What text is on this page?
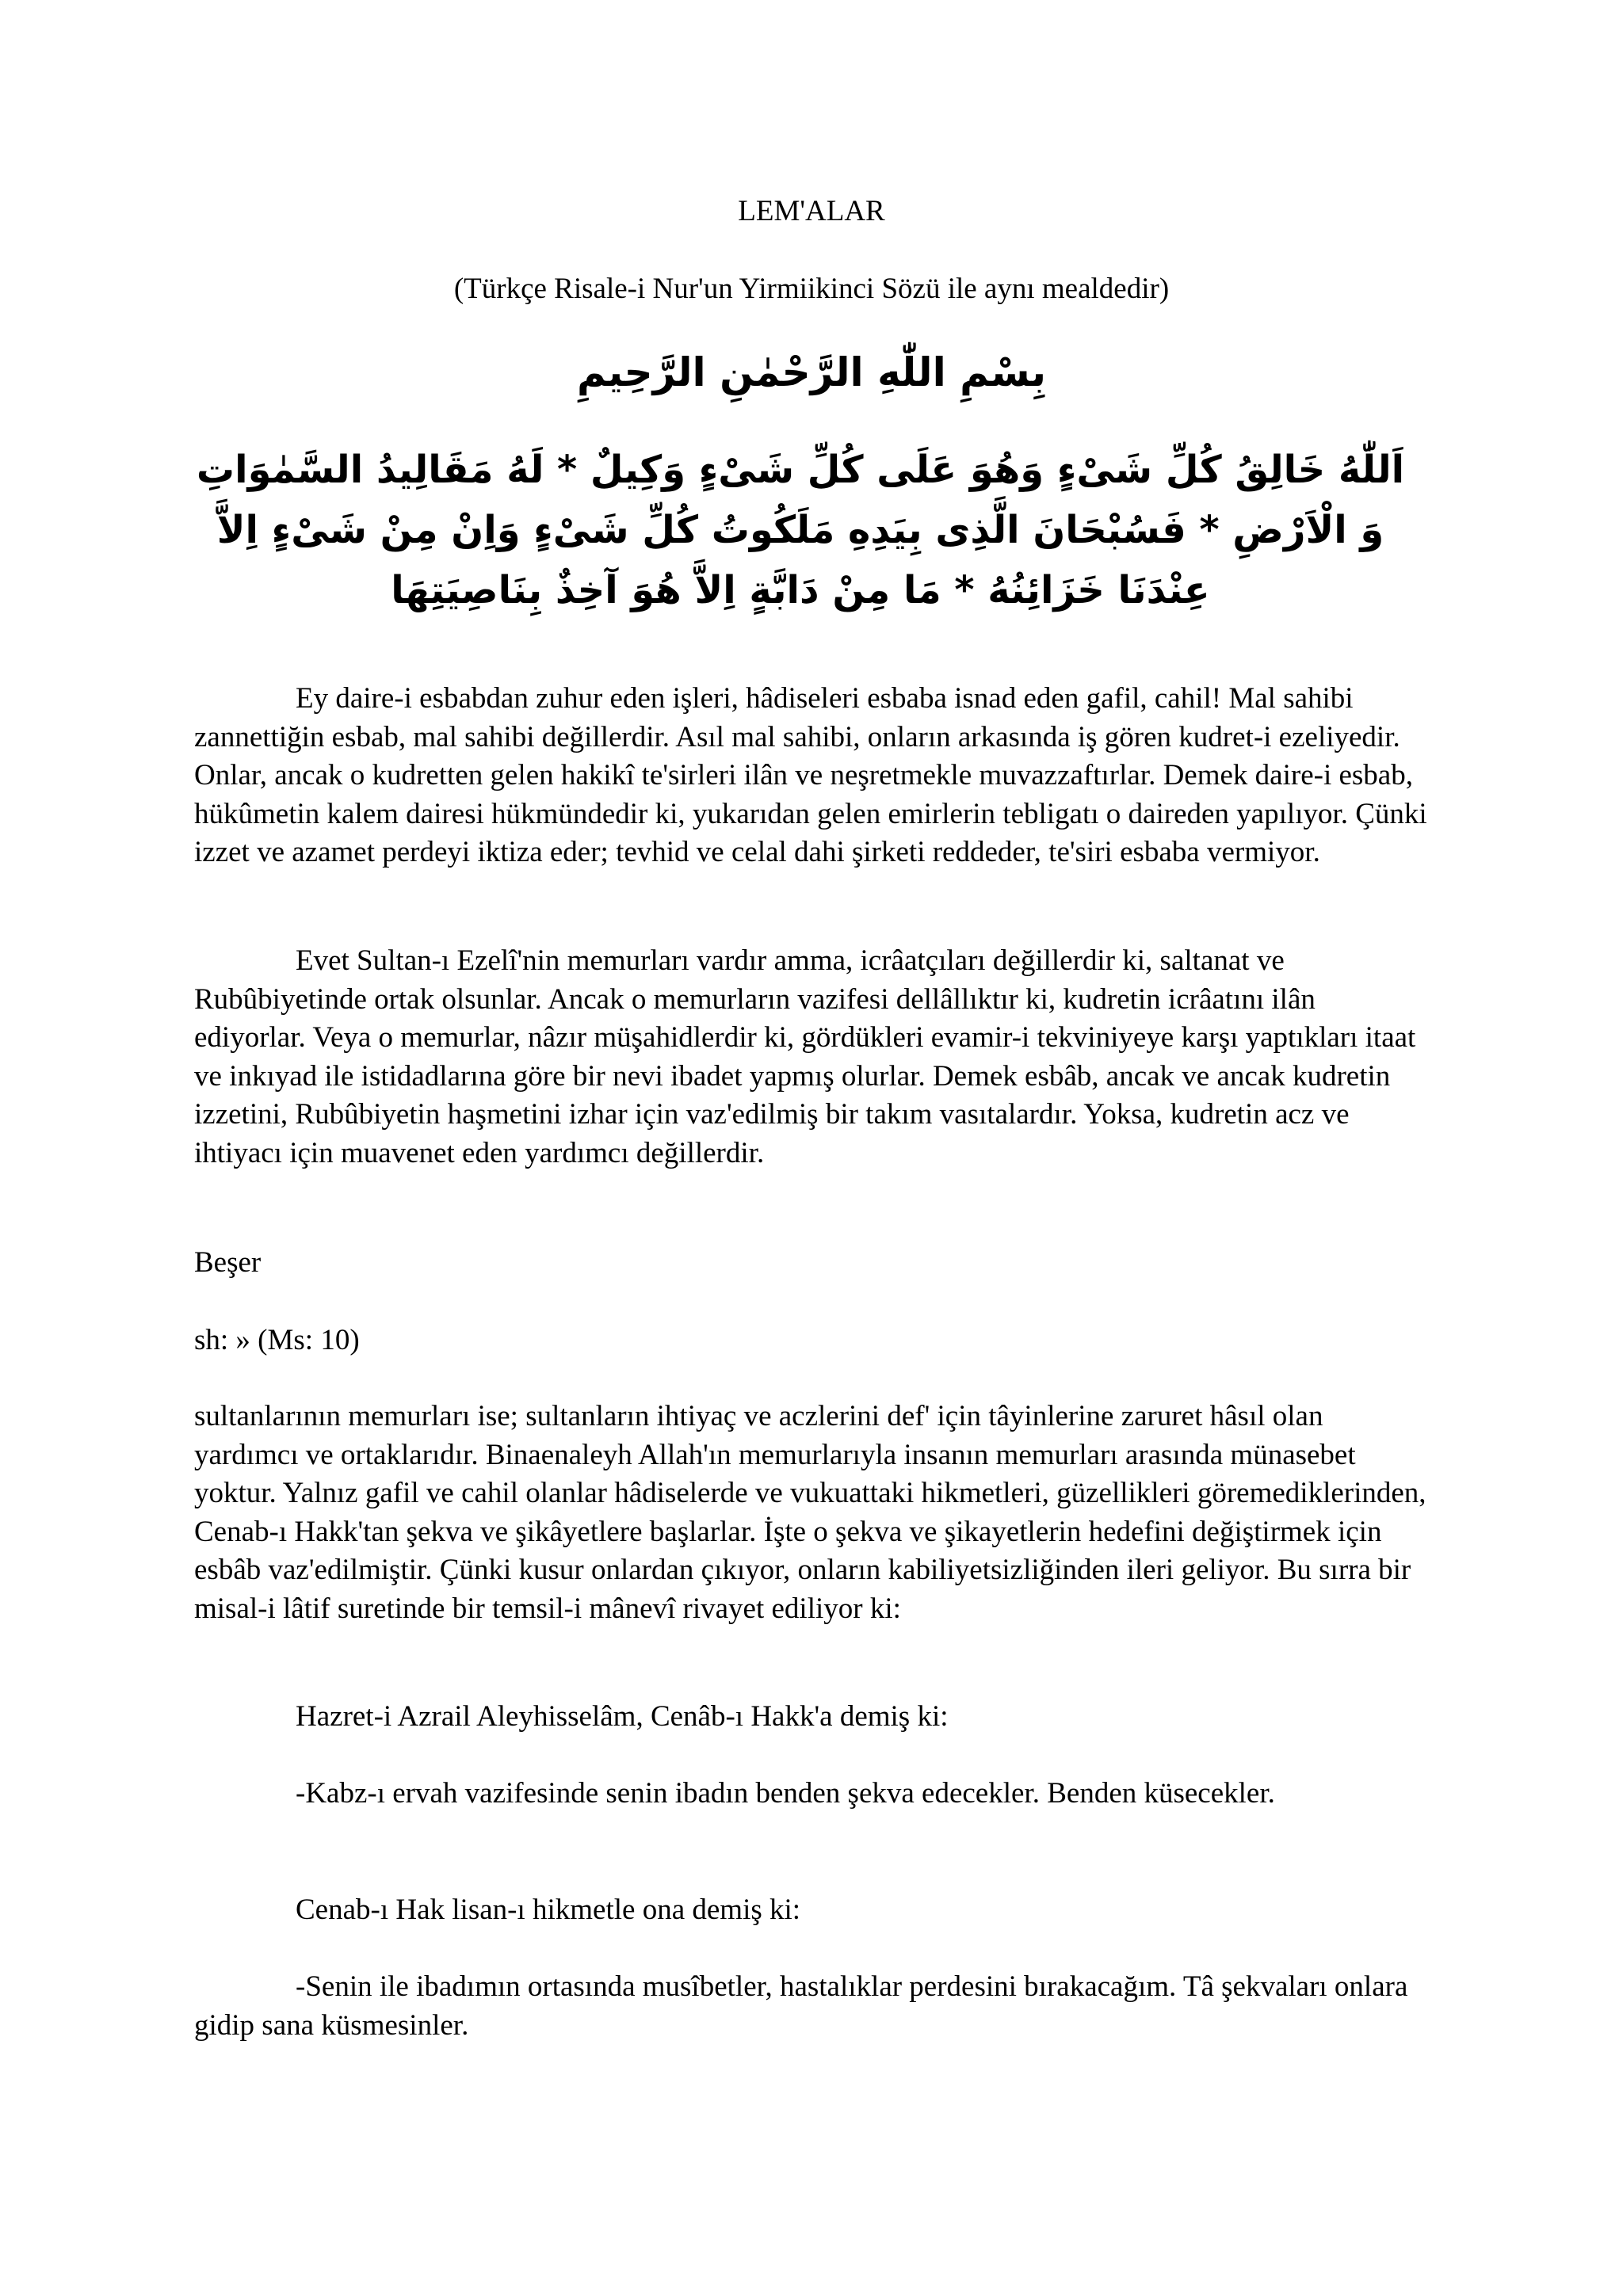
LEM'ALAR
(Türkçe Risale-i Nur'un Yirmiikinci Sözü ile aynı mealdedir)
بِسْمِ اللّٰهِ الرَّحْمٰنِ الرَّحِيمِ
اَللّٰهُ خَالِقُ كُلِّ شَىْءٍ وَهُوَ عَلَى كُلِّ شَىْءٍ وَكِيلٌ * لَهُ مَقَالِيدُ السَّمٰوَاتِ وَ الْاَرْضِ * فَسُبْحَانَ الَّذِى بِيَدِهِ مَلَكُوتُ كُلِّ شَىْءٍ وَاِنْ مِنْ شَىْءٍ اِلاَّ عِنْدَنَا خَزَائِنُهُ * مَا مِنْ دَابَّةٍ اِلاَّ هُوَ آخِذٌ بِنَاصِيَتِهَا

Ey daire-i esbabdan zuhur eden işleri, hâdiseleri esbaba isnad eden gafil, cahil! Mal sahibi zannettiğin esbab, mal sahibi değillerdir. Asıl mal sahibi, onların arkasında iş gören kudret-i ezeliyedir. Onlar, ancak o kudretten gelen hakikî te'sirleri ilân ve neşretmekle muvazzaftırlar. Demek daire-i esbab, hükûmetin kalem dairesi hükmündedir ki, yukarıdan gelen emirlerin tebligatı o daireden yapılıyor. Çünki izzet ve azamet perdeyi iktiza eder; tevhid ve celal dahi şirketi reddeder, te'siri esbaba vermiyor.

Evet Sultan-ı Ezelî'nin memurları vardır amma, icrâatçıları değillerdir ki, saltanat ve Rubûbiyetinde ortak olsunlar. Ancak o memurların vazifesi dellâllıktır ki, kudretin icrâatını ilân ediyorlar. Veya o memurlar, nâzır müşahidlerdir ki, gördükleri evamir-i tekviniyeye karşı yaptıkları itaat ve inkıyad ile istidadlarına göre bir nevi ibadet yapmış olurlar. Demek esbâb, ancak ve ancak kudretin izzetini, Rubûbiyetin haşmetini izhar için vaz'edilmiş bir takım vasıtalardır. Yoksa, kudretin acz ve ihtiyacı için muavenet eden yardımcı değillerdir.

Beşer

sh: » (Ms: 10)

sultanlarının memurları ise; sultanların ihtiyaç ve aczlerini def' için tâyinlerine zaruret hâsıl olan yardımcı ve ortaklarıdır. Binaenaleyh Allah'ın memurlarıyla insanın memurları arasında münasebet yoktur. Yalnız gafil ve cahil olanlar hâdiselerde ve vukuattaki hikmetleri, güzellikleri göremediklerinden, Cenab-ı Hakk'tan şekva ve şikâyetlere başlarlar. İşte o şekva ve şikayetlerin hedefini değiştirmek için esbâb vaz'edilmiştir. Çünki kusur onlardan çıkıyor, onların kabiliyetsizliğinden ileri geliyor. Bu sırra bir misal-i lâtif suretinde bir temsil-i mânevî rivayet ediliyor ki:

Hazret-i Azrail Aleyhisselâm, Cenâb-ı Hakk'a demiş ki:

-Kabz-ı ervah vazifesinde senin ibadın benden şekva edecekler. Benden küsecekler.

Cenab-ı Hak lisan-ı hikmetle ona demiş ki:

-Senin ile ibadımın ortasında musîbetler, hastalıklar perdesini bırakacağım. Tâ şekvaları onlara gidip sana küsmesinler.
